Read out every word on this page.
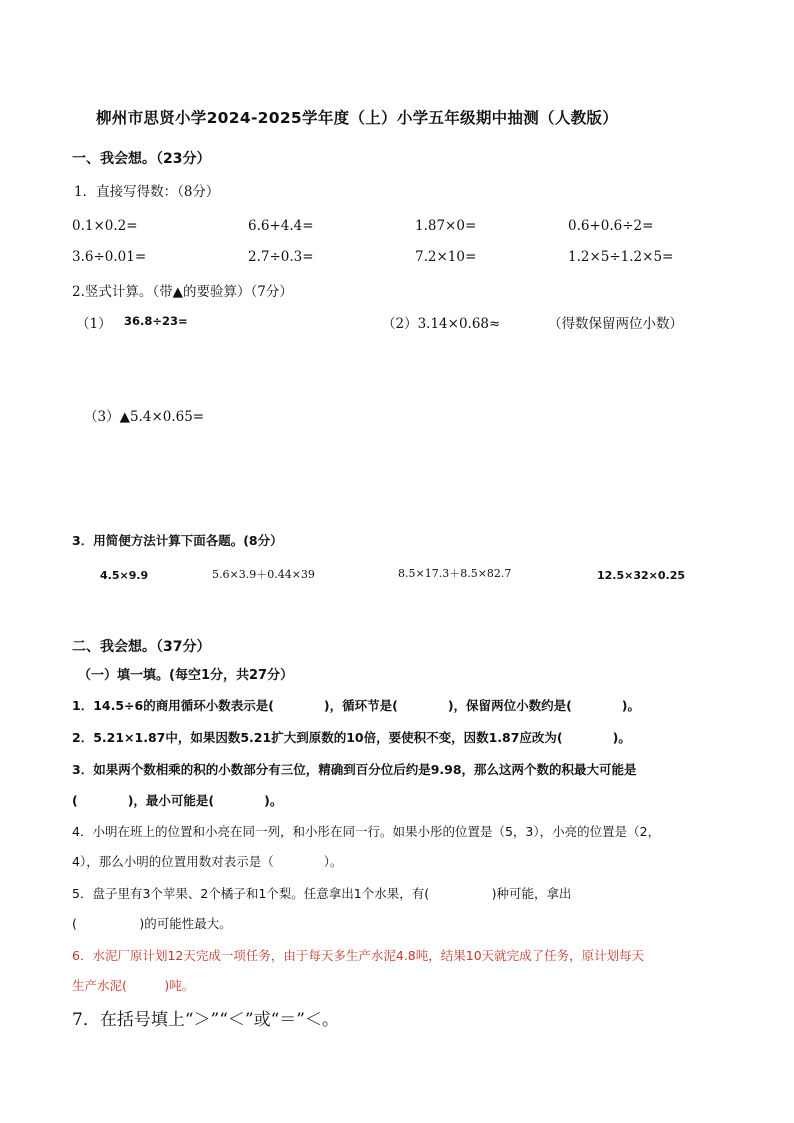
柳州市思贤小学2024-2025学年度（上）小学五年级期中抽测（人教版）
一、我会想。（23分）
1．直接写得数：（8分）
0.1×0.2=	6.6+4.4=	1.87×0=	0.6+0.6÷2=
3.6÷0.01=	2.7÷0.3=	7.2×10=	1.2×5÷1.2×5=
2.竖式计算。（带▲的要验算）（7分）
（1） 36.8÷23=	（2）3.14×0.68≈	（得数保留两位小数）
（3）▲5.4×0.65=
3．用简便方法计算下面各题。(8分）
4.5×9.9	5.6×3.9＋0.44×39	8.5×17.3＋8.5×82.7	12.5×32×0.25
二、我会想。（37分）
（一）填一填。(每空1分，共27分）
1．14.5÷6的商用循环小数表示是(　　　　)，循环节是(　　　　)，保留两位小数约是(　　　　)。
2．5.21×1.87中，如果因数5.21扩大到原数的10倍，要使积不变，因数1.87应改为(　　　　)。
3．如果两个数相乘的积的小数部分有三位，精确到百分位后约是9.98，那么这两个数的积最大可能是
(　　　　)，最小可能是(　　　　)。
4．小明在班上的位置和小亮在同一列，和小彤在同一行。如果小彤的位置是（5，3），小亮的位置是（2，
4），那么小明的位置用数对表示是（　　　　）。
5．盘子里有3个苹果、2个橘子和1个梨。任意拿出1个水果，有(　　　　　)种可能，拿出
(　　　　　)的可能性最大。
6．水泥厂原计划12天完成一项任务，由于每天多生产水泥4.8吨，结果10天就完成了任务，原计划每天
生产水泥(　　　)吨。
7．在括号填上“＞”“＜”或“＝”＜。
